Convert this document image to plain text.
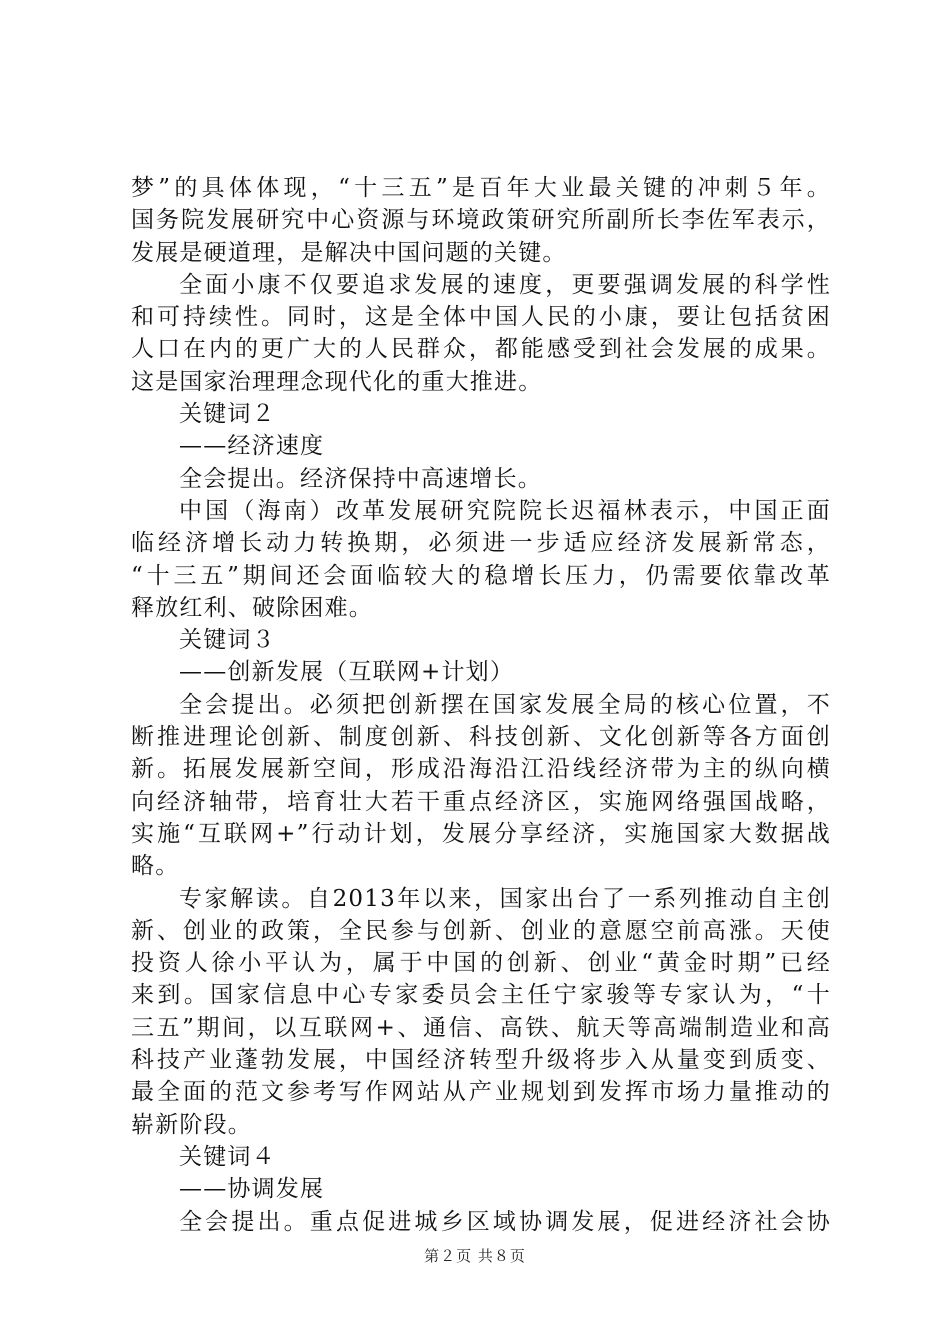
梦”的具体体现，“十三五”是百年大业最关键的冲刺５年。
国务院发展研究中心资源与环境政策研究所副所长李佐军表示，
发展是硬道理，是解决中国问题的关键。
全面小康不仅要追求发展的速度，更要强调发展的科学性
和可持续性。同时，这是全体中国人民的小康，要让包括贫困
人口在内的更广大的人民群众，都能感受到社会发展的成果。
这是国家治理理念现代化的重大推进。
关键词２
——经济速度
全会提出。经济保持中高速增长。
中国（海南）改革发展研究院院长迟福林表示，中国正面
临经济增长动力转换期，必须进一步适应经济发展新常态，
“十三五”期间还会面临较大的稳增长压力，仍需要依靠改革
释放红利、破除困难。
关键词３
——创新发展（互联网+计划）
全会提出。必须把创新摆在国家发展全局的核心位置，不
断推进理论创新、制度创新、科技创新、文化创新等各方面创
新。拓展发展新空间，形成沿海沿江沿线经济带为主的纵向横
向经济轴带，培育壮大若干重点经济区，实施网络强国战略，
实施“互联网+”行动计划，发展分享经济，实施国家大数据战
略。
专家解读。自2013年以来，国家出台了一系列推动自主创
新、创业的政策，全民参与创新、创业的意愿空前高涨。天使
投资人徐小平认为，属于中国的创新、创业“黄金时期”已经
来到。国家信息中心专家委员会主任宁家骏等专家认为，“十
三五”期间，以互联网+、通信、高铁、航天等高端制造业和高
科技产业蓬勃发展，中国经济转型升级将步入从量变到质变、
最全面的范文参考写作网站从产业规划到发挥市场力量推动的
崭新阶段。
关键词４
——协调发展
全会提出。重点促进城乡区域协调发展，促进经济社会协
第２页 共８页
